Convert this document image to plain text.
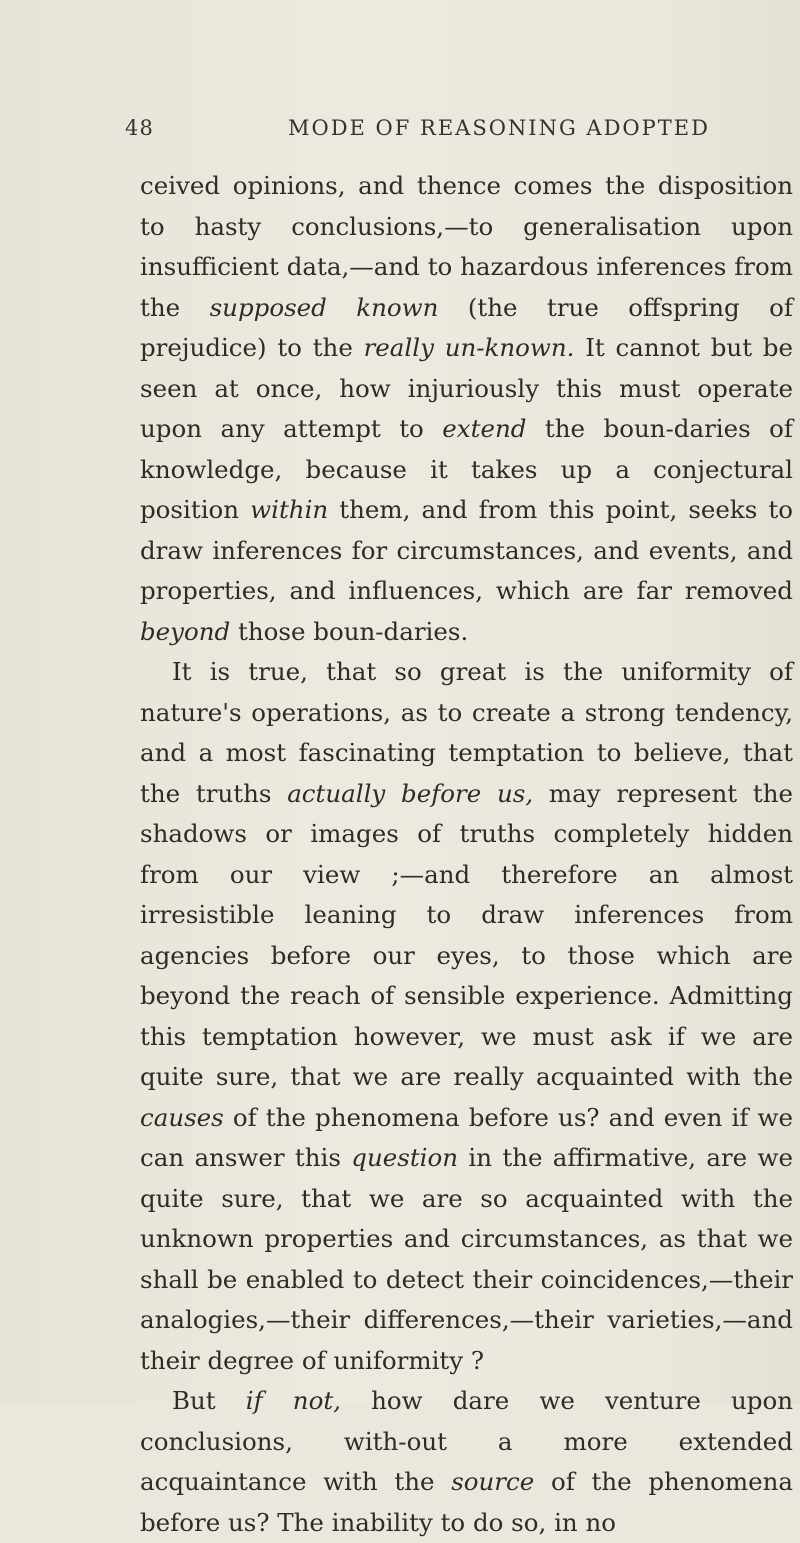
48	MODE OF REASONING ADOPTED

ceived opinions, and thence comes the disposition to hasty conclusions,—to generalisation upon insufficient data,—and to hazardous inferences from the supposed known (the true offspring of prejudice) to the really un-known. It cannot but be seen at once, how injuriously this must operate upon any attempt to extend the boun-daries of knowledge, because it takes up a conjectural position within them, and from this point, seeks to draw inferences for circumstances, and events, and properties, and influences, which are far removed beyond those boun-daries.

It is true, that so great is the uniformity of nature's operations, as to create a strong tendency, and a most fascinating temptation to believe, that the truths actually before us, may represent the shadows or images of truths completely hidden from our view ;—and therefore an almost irresistible leaning to draw inferences from agencies before our eyes, to those which are beyond the reach of sensible experience. Admitting this temptation however, we must ask if we are quite sure, that we are really acquainted with the causes of the phenomena before us? and even if we can answer this question in the affirmative, are we quite sure, that we are so acquainted with the unknown properties and circumstances, as that we shall be enabled to detect their coincidences,—their analogies,—their differences,—their varieties,—and their degree of uniformity ?

But if not, how dare we venture upon conclusions, with-out a more extended acquaintance with the source of the phenomena before us? The inability to do so, in no
